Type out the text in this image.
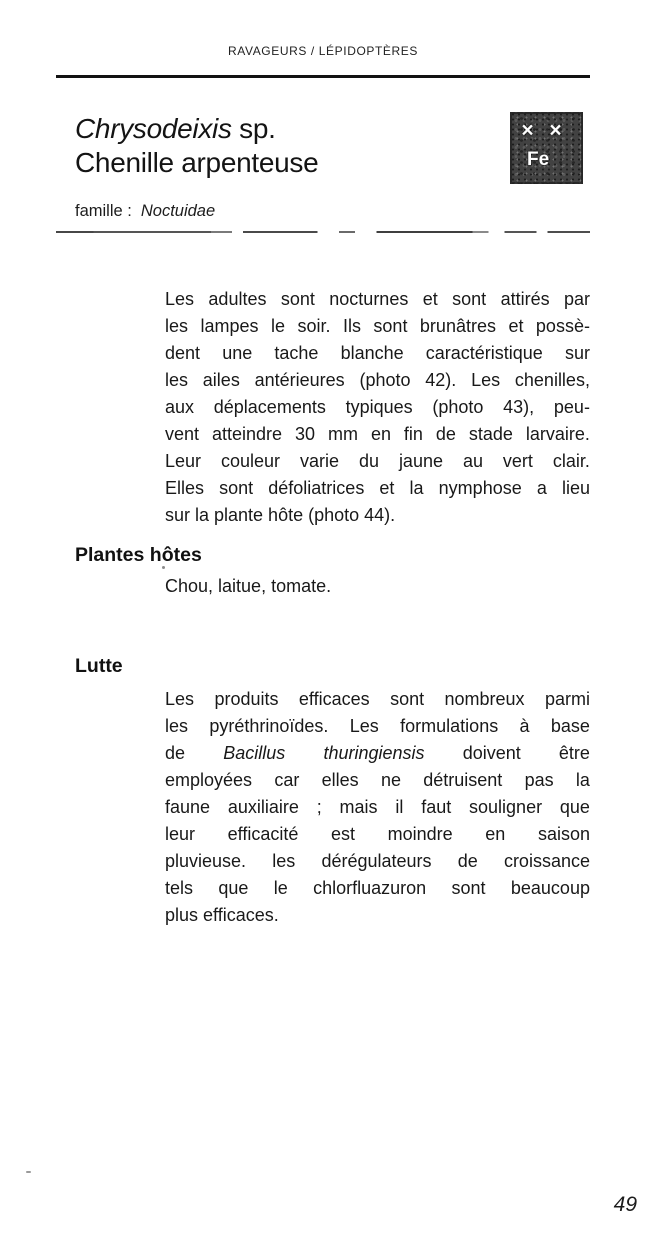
RAVAGEURS / LÉPIDOPTÈRES
Chrysodeixis sp.
Chenille arpenteuse
famille : Noctuidae
Les adultes sont nocturnes et sont attirés par
les lampes le soir. Ils sont brunâtres et possè-
dent une tache blanche caractéristique sur
les ailes antérieures (photo 42). Les chenilles,
aux déplacements typiques (photo 43), peu-
vent atteindre 30 mm en fin de stade larvaire.
Leur couleur varie du jaune au vert clair.
Elles sont défoliatrices et la nymphose a lieu
sur la plante hôte (photo 44).
Plantes hôtes
Chou, laitue, tomate.
Lutte
Les produits efficaces sont nombreux parmi
les pyréthrinoïdes. Les formulations à base
de Bacillus thuringiensis doivent être
employées car elles ne détruisent pas la
faune auxiliaire ; mais il faut souligner que
leur efficacité est moindre en saison
pluvieuse. les dérégulateurs de croissance
tels que le chlorfluazuron sont beaucoup
plus efficaces.
× ×
Fe
49
